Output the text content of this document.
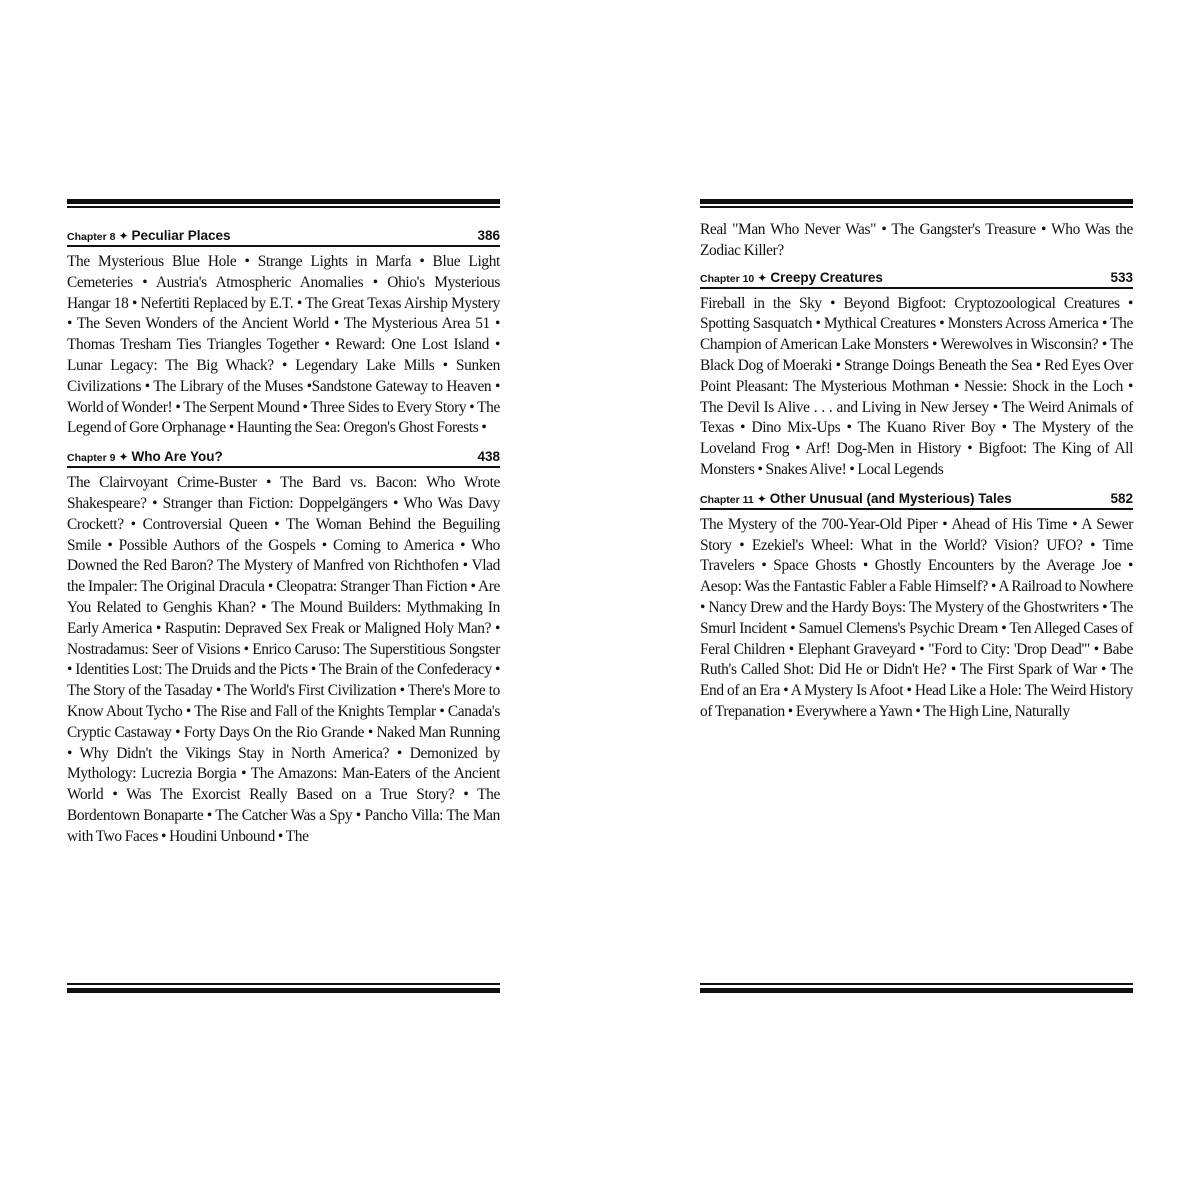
Chapter 8 ✦ Peculiar Places	386

The Mysterious Blue Hole • Strange Lights in Marfa • Blue Light Cemeteries • Austria's Atmospheric Anomalies • Ohio's Mysterious Hangar 18 • Nefertiti Replaced by E.T. • The Great Texas Airship Mystery • The Seven Wonders of the Ancient World • The Mysterious Area 51 • Thomas Tresham Ties Triangles Together • Reward: One Lost Island • Lunar Legacy: The Big Whack? • Legendary Lake Mills • Sunken Civilizations • The Library of the Muses •Sandstone Gateway to Heaven • World of Wonder! • The Serpent Mound • Three Sides to Every Story • The Legend of Gore Orphanage • Haunting the Sea: Oregon's Ghost Forests •

Chapter 9 ✦ Who Are You?	438

The Clairvoyant Crime-Buster • The Bard vs. Bacon: Who Wrote Shakespeare? • Stranger than Fiction: Doppelgängers • Who Was Davy Crockett? • Controversial Queen • The Woman Behind the Beguiling Smile • Possible Authors of the Gospels • Coming to America • Who Downed the Red Baron? The Mystery of Manfred von Richthofen • Vlad the Impaler: The Original Dracula • Cleopatra: Stranger Than Fiction • Are You Related to Genghis Khan? • The Mound Builders: Mythmaking In Early America • Rasputin: Depraved Sex Freak or Maligned Holy Man? • Nostradamus: Seer of Visions • Enrico Caruso: The Superstitious Songster • Identities Lost: The Druids and the Picts • The Brain of the Confederacy • The Story of the Tasaday • The World's First Civilization • There's More to Know About Tycho • The Rise and Fall of the Knights Templar • Canada's Cryptic Castaway • Forty Days On the Rio Grande • Naked Man Running • Why Didn't the Vikings Stay in North America? • Demonized by Mythology: Lucrezia Borgia • The Amazons: Man-Eaters of the Ancient World • Was The Exorcist Really Based on a True Story? • The Bordentown Bonaparte • The Catcher Was a Spy • Pancho Villa: The Man with Two Faces • Houdini Unbound • The

Real "Man Who Never Was" • The Gangster's Treasure • Who Was the Zodiac Killer?

Chapter 10 ✦ Creepy Creatures	533

Fireball in the Sky • Beyond Bigfoot: Cryptozoological Creatures • Spotting Sasquatch • Mythical Creatures • Monsters Across America • The Champion of American Lake Monsters • Werewolves in Wisconsin? • The Black Dog of Moeraki • Strange Doings Beneath the Sea • Red Eyes Over Point Pleasant: The Mysterious Mothman • Nessie: Shock in the Loch • The Devil Is Alive . . . and Living in New Jersey • The Weird Animals of Texas • Dino Mix-Ups • The Kuano River Boy • The Mystery of the Loveland Frog • Arf! Dog-Men in History • Bigfoot: The King of All Monsters • Snakes Alive! • Local Legends

Chapter 11 ✦ Other Unusual (and Mysterious) Tales	582

The Mystery of the 700-Year-Old Piper • Ahead of His Time • A Sewer Story • Ezekiel's Wheel: What in the World? Vision? UFO? • Time Travelers • Space Ghosts • Ghostly Encounters by the Average Joe • Aesop: Was the Fantastic Fabler a Fable Himself? • A Railroad to Nowhere • Nancy Drew and the Hardy Boys: The Mystery of the Ghostwriters • The Smurl Incident • Samuel Clemens's Psychic Dream • Ten Alleged Cases of Feral Children • Elephant Graveyard • "Ford to City: 'Drop Dead'" • Babe Ruth's Called Shot: Did He or Didn't He? • The First Spark of War • The End of an Era • A Mystery Is Afoot • Head Like a Hole: The Weird History of Trepanation • Everywhere a Yawn • The High Line, Naturally
